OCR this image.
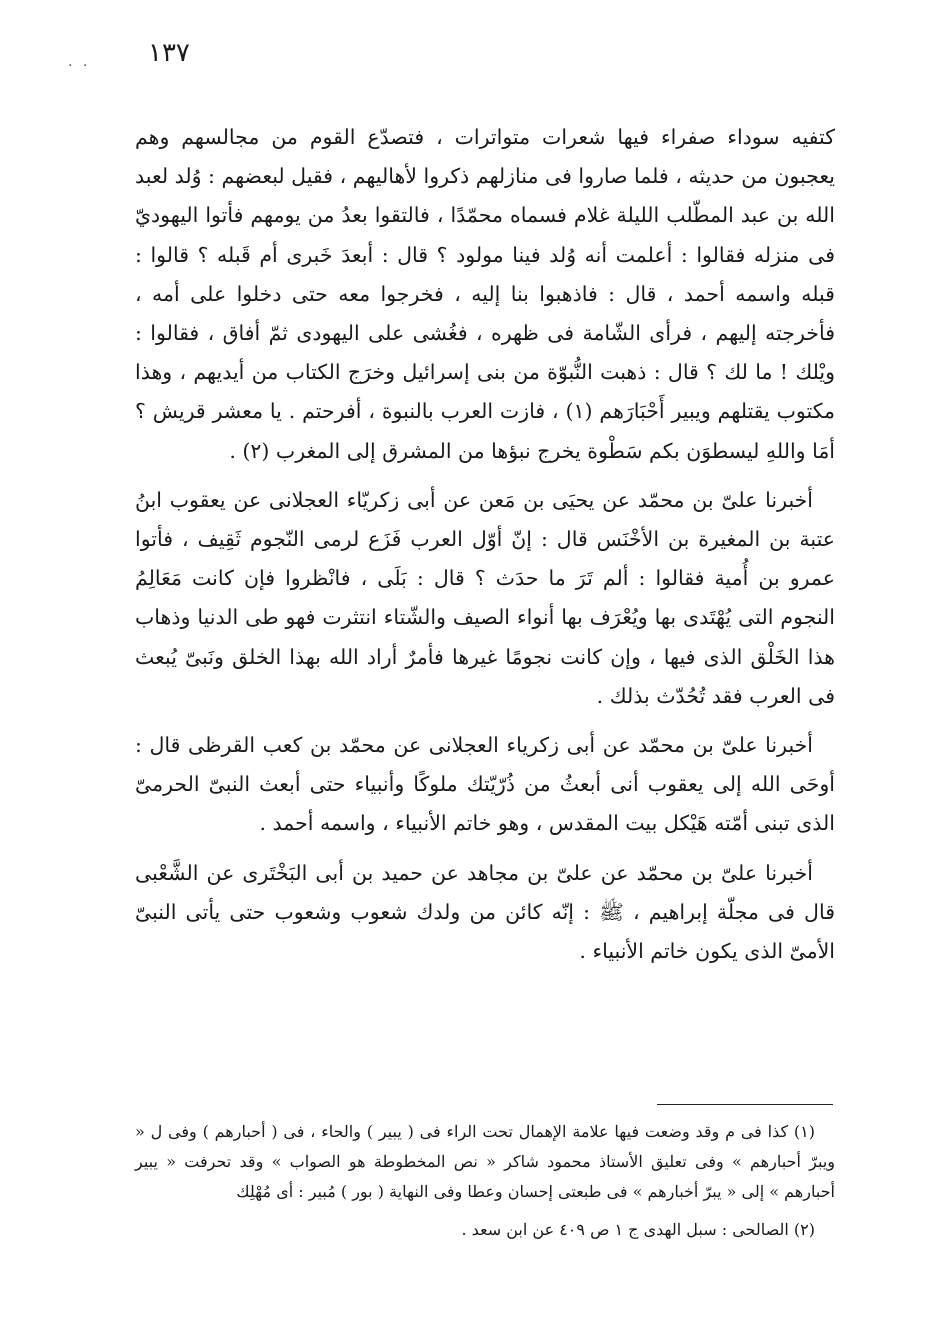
١٣٧
· ·

كتفيه سوداء صفراء فيها شعرات متواترات ، فتصدّع القوم من مجالسهم وهم يعجبون من حديثه ، فلما صاروا فى منازلهم ذكروا لأهاليهم ، فقيل لبعضهم : وُلد لعبد الله بن عبد المطّلب الليلة غلام فسماه محمّدًا ، فالتقوا بعدُ من يومهم فأتوا اليهوديّ فى منزله فقالوا : أعلمت أنه وُلد فينا مولود ؟ قال : أبعدَ خَبرى أم قَبله ؟ قالوا : قبله واسمه أحمد ، قال : فاذهبوا بنا إليه ، فخرجوا معه حتى دخلوا على أمه ، فأخرجته إليهم ، فرأى الشّامة فى ظهره ، فغُشى على اليهودى ثمّ أفاق ، فقالوا : ويْلك ! ما لك ؟ قال : ذهبت النُّبوّة من بنى إسرائيل وخرَج الكتاب من أيديهم ، وهذا مكتوب يقتلهم ويبير أَحْبَارَهم (١) ، فازت العرب بالنبوة ، أفرحتم . يا معشر قريش ؟ أمَا واللهِ ليسطوَن بكم سَطْوة يخرج نبؤها من المشرق إلى المغرب (٢) .

أخبرنا علىّ بن محمّد عن يحيَى بن مَعن عن أبى زكريّاء العجلانى عن يعقوب ابنُ عتبة بن المغيرة بن الأخْنَس قال : إنّ أوّل العرب فَزَع لرمى النّجوم ثَقِيف ، فأتوا عمرو بن أُمية فقالوا : ألم تَرَ ما حدَث ؟ قال : بَلَى ، فانْظروا فإن كانت مَعَالِمُ النجوم التى يُهْتَدى بها ويُعْرَف بها أنواء الصيف والشّتاء انتثرت فهو طى الدنيا وذهاب هذا الخَلْق الذى فيها ، وإن كانت نجومًا غيرها فأمرٌ أراد الله بهذا الخلق ونَبىّ يُبعث فى العرب فقد تُحُدّث بذلك .

أخبرنا علىّ بن محمّد عن أبى زكرياء العجلانى عن محمّد بن كعب القرظى قال : أوحَى الله إلى يعقوب أنى أبعثُ من ذُرّيّتك ملوكًا وأنبياء حتى أبعث النبىّ الحرمىّ الذى تبنى أمّته هَيْكل بيت المقدس ، وهو خاتم الأنبياء ، واسمه أحمد .

أخبرنا علىّ بن محمّد عن علىّ بن مجاهد عن حميد بن أبى البَخْتَرى عن الشَّعْبى قال فى مجلّة إبراهيم ، ﷺ : إنّه كائن من ولدك شعوب وشعوب حتى يأتى النبىّ الأمىّ الذى يكون خاتم الأنبياء .

(١) كذا فى م وقد وضعت فيها علامة الإهمال تحت الراء فى ( يبير ) والحاء ، فى ( أحبارهم ) وفى ل « ويبرّ أحبارهم » وفى تعليق الأستاذ محمود شاكر « نص المخطوطة هو الصواب » وقد تحرفت « يبير أحبارهم » إلى « يبرّ أخبارهم » فى طبعتى إحسان وعطا وفى النهاية ( بور ) مُبير : أى مُهْلِك

(٢) الصالحى : سبل الهدى ج ١ ص ٤٠٩ عن ابن سعد .
